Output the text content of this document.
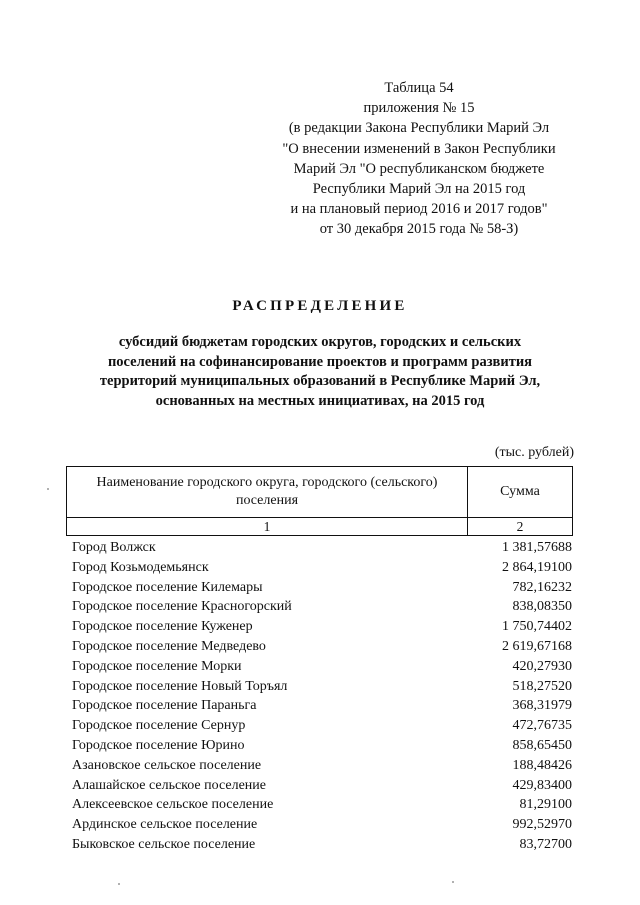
Таблица 54
приложения № 15
(в редакции Закона Республики Марий Эл
"О внесении изменений в Закон Республики
Марий Эл "О республиканском бюджете
Республики Марий Эл на 2015 год
и на плановый период 2016 и 2017 годов"
от 30 декабря 2015 года № 58-З)
РАСПРЕДЕЛЕНИЕ
субсидий бюджетам городских округов, городских и сельских
поселений на софинансирование проектов и программ развития
территорий муниципальных образований в Республике Марий Эл,
основанных на местных инициативах, на 2015 год
(тыс. рублей)
Наименование городского округа, городского (сельского) поселения	Сумма
1	2
Город Волжск	1 381,57688
Город Козьмодемьянск	2 864,19100
Городское поселение Килемары	782,16232
Городское поселение Красногорский	838,08350
Городское поселение Куженер	1 750,74402
Городское поселение Медведево	2 619,67168
Городское поселение Морки	420,27930
Городское поселение Новый Торъял	518,27520
Городское поселение Параньга	368,31979
Городское поселение Сернур	472,76735
Городское поселение Юрино	858,65450
Азановское сельское поселение	188,48426
Алашайское сельское поселение	429,83400
Алексеевское сельское поселение	81,29100
Ардинское сельское поселение	992,52970
Быковское сельское поселение	83,72700
